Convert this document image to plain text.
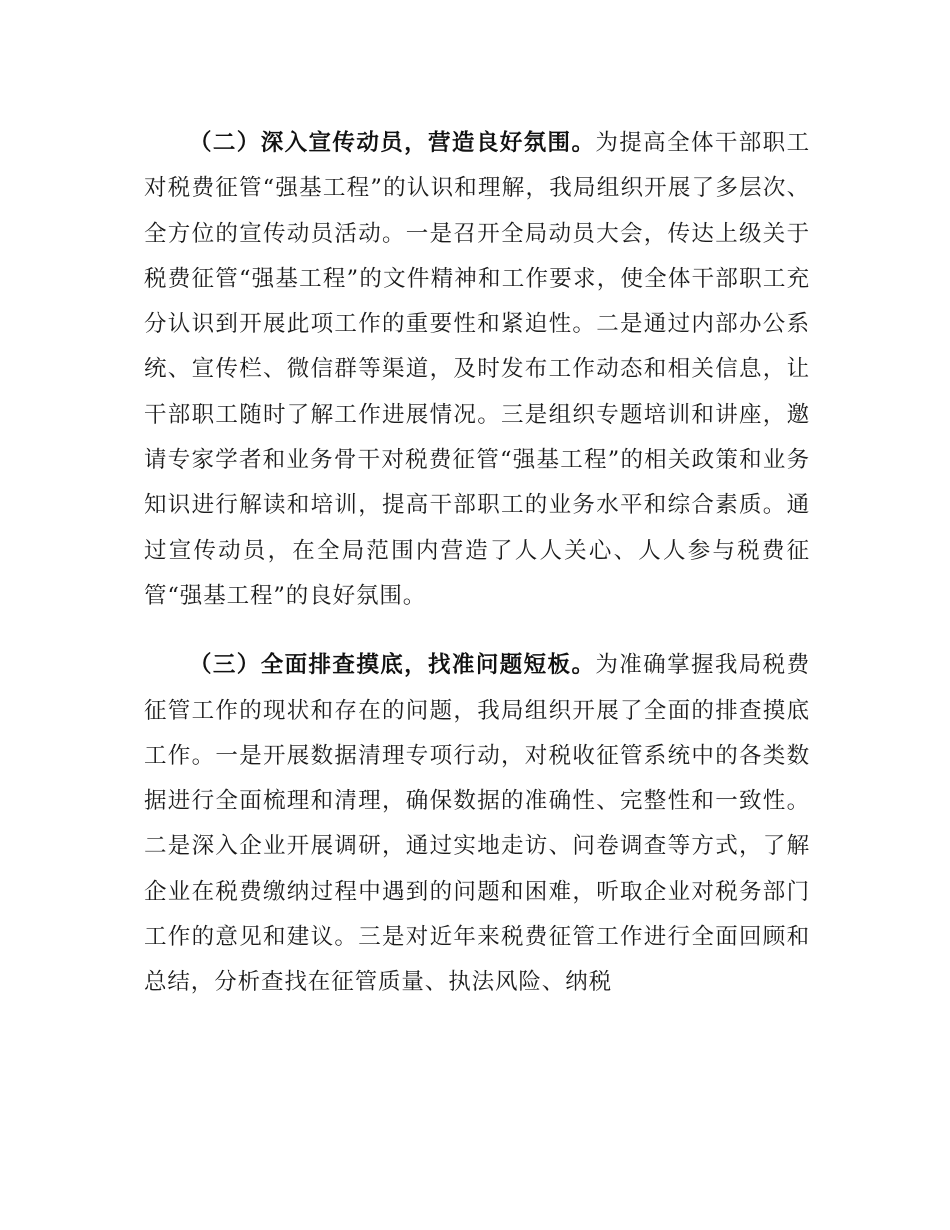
（二）深入宣传动员，营造良好氛围。为提高全体干部职工对税费征管“强基工程”的认识和理解，我局组织开展了多层次、全方位的宣传动员活动。一是召开全局动员大会，传达上级关于税费征管“强基工程”的文件精神和工作要求，使全体干部职工充分认识到开展此项工作的重要性和紧迫性。二是通过内部办公系统、宣传栏、微信群等渠道，及时发布工作动态和相关信息，让干部职工随时了解工作进展情况。三是组织专题培训和讲座，邀请专家学者和业务骨干对税费征管“强基工程”的相关政策和业务知识进行解读和培训，提高干部职工的业务水平和综合素质。通过宣传动员，在全局范围内营造了人人关心、人人参与税费征管“强基工程”的良好氛围。

（三）全面排查摸底，找准问题短板。为准确掌握我局税费征管工作的现状和存在的问题，我局组织开展了全面的排查摸底工作。一是开展数据清理专项行动，对税收征管系统中的各类数据进行全面梳理和清理，确保数据的准确性、完整性和一致性。二是深入企业开展调研，通过实地走访、问卷调查等方式，了解企业在税费缴纳过程中遇到的问题和困难，听取企业对税务部门工作的意见和建议。三是对近年来税费征管工作进行全面回顾和总结，分析查找在征管质量、执法风险、纳税
